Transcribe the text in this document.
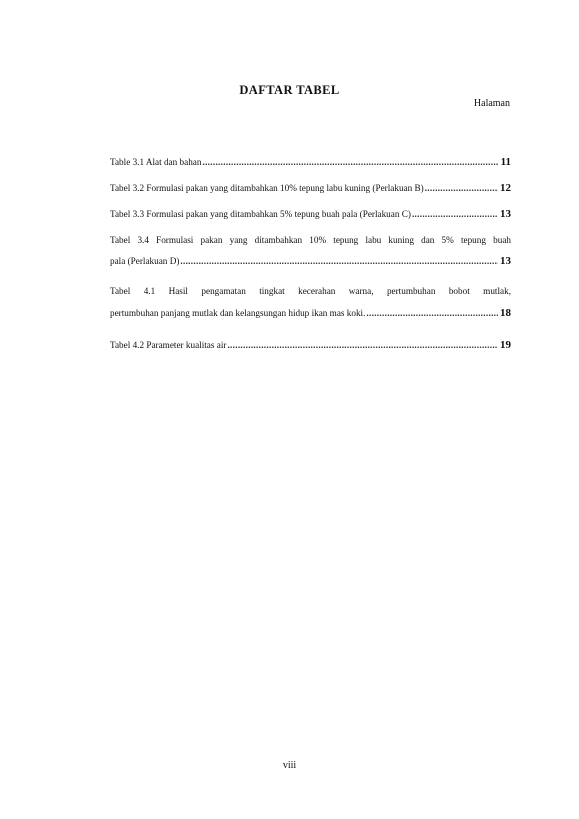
DAFTAR TABEL
Halaman
Table 3.1 Alat dan bahan .....	11
Tabel 3.2 Formulasi pakan yang ditambahkan 10% tepung labu kuning (Perlakuan B) .....	12
Tabel 3.3 Formulasi pakan yang ditambahkan 5% tepung buah pala (Perlakuan C) .....	13
Tabel 3.4 Formulasi pakan yang ditambahkan 10% tepung labu kuning dan 5% tepung buah
pala (Perlakuan D) .....	13
Tabel 4.1 Hasil pengamatan tingkat kecerahan warna, pertumbuhan bobot mutlak,
pertumbuhan panjang mutlak dan kelangsungan hidup ikan mas koki. .....	18
Tabel 4.2 Parameter kualitas air .....	19
viii
